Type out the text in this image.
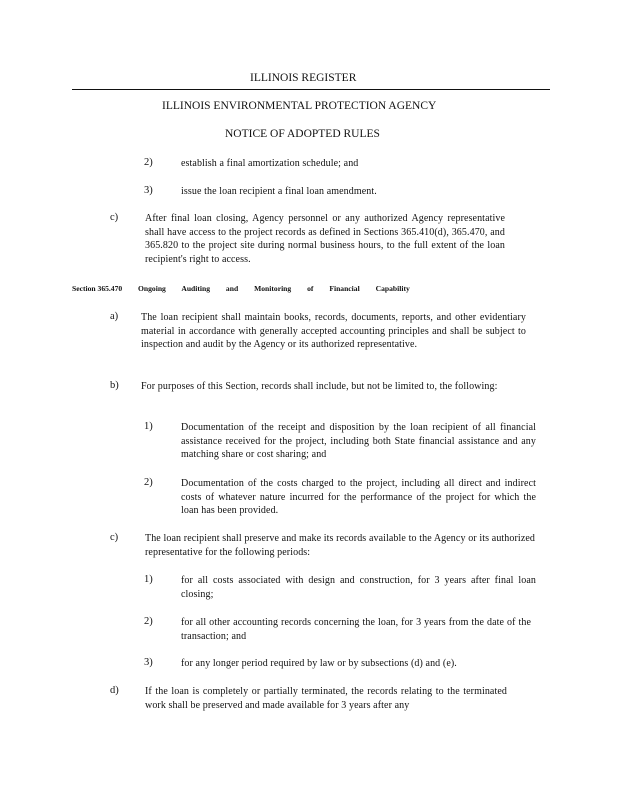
ILLINOIS REGISTER
ILLINOIS ENVIRONMENTAL PROTECTION AGENCY
NOTICE OF ADOPTED RULES
2)	establish a final amortization schedule; and
3)	issue the loan recipient a final loan amendment.
c)	After final loan closing, Agency personnel or any authorized Agency representative shall have access to the project records as defined in Sections 365.410(d), 365.470, and 365.820 to the project site during normal business hours, to the full extent of the loan recipient's right to access.
Section 365.470 Ongoing Auditing and Monitoring of Financial Capability
a) The loan recipient shall maintain books, records, documents, reports, and other evidentiary material in accordance with generally accepted accounting principles and shall be subject to inspection and audit by the Agency or its authorized representative.
b) For purposes of this Section, records shall include, but not be limited to, the following:
1)	Documentation of the receipt and disposition by the loan recipient of all financial assistance received for the project, including both State financial assistance and any matching share or cost sharing; and
2)	Documentation of the costs charged to the project, including all direct and indirect costs of whatever nature incurred for the performance of the project for which the loan has been provided.
c)	The loan recipient shall preserve and make its records available to the Agency or its authorized representative for the following periods:
1)	for all costs associated with design and construction, for 3 years after final loan closing;
2)	for all other accounting records concerning the loan, for 3 years from the date of the transaction; and
3)	for any longer period required by law or by subsections (d) and (e).
d)	If the loan is completely or partially terminated, the records relating to the terminated work shall be preserved and made available for 3 years after any
